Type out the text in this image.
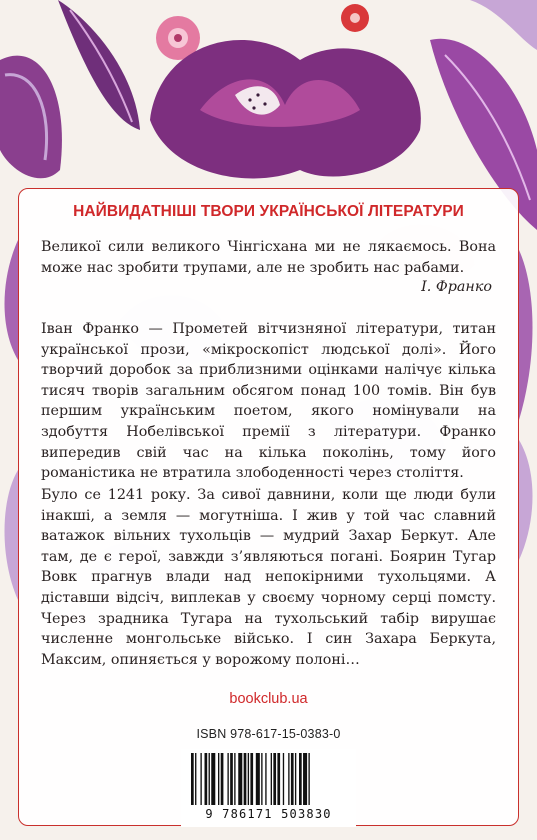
НАЙВИДАТНІШІ ТВОРИ УКРАЇНСЬКОЇ ЛІТЕРАТУРИ
Великої сили великого Чінгісхана ми не лякаємось. Вона може нас зробити трупами, але не зробить нас рабами.
І. Франко
Іван Франко — Прометей вітчизняної літератури, титан української прози, «мікроскопіст людської долі». Його творчий доробок за приблизними оцінками налічує кілька тисяч творів загальним обсягом понад 100 томів. Він був першим українським поетом, якого номінували на здобуття Нобелівської премії з літератури. Франко випередив свій час на кілька поколінь, тому його романістика не втратила злободенності через століття.
Було се 1241 року. За сивої давнини, коли ще люди були інакші, а земля — могутніша. І жив у той час славний ватажок вільних тухольців — мудрий Захар Беркут. Але там, де є герої, завжди з’являються погані. Боярин Тугар Вовк прагнув влади над непокірними тухольцями. А діставши відсіч, виплекав у своєму чорному серці помсту. Через зрадника Тугара на тухольський табір вирушає численне монгольське військо. І син Захара Беркута, Максим, опиняється у ворожому полоні…
bookclub.ua
ISBN 978-617-15-0383-0
9 786171 503830
